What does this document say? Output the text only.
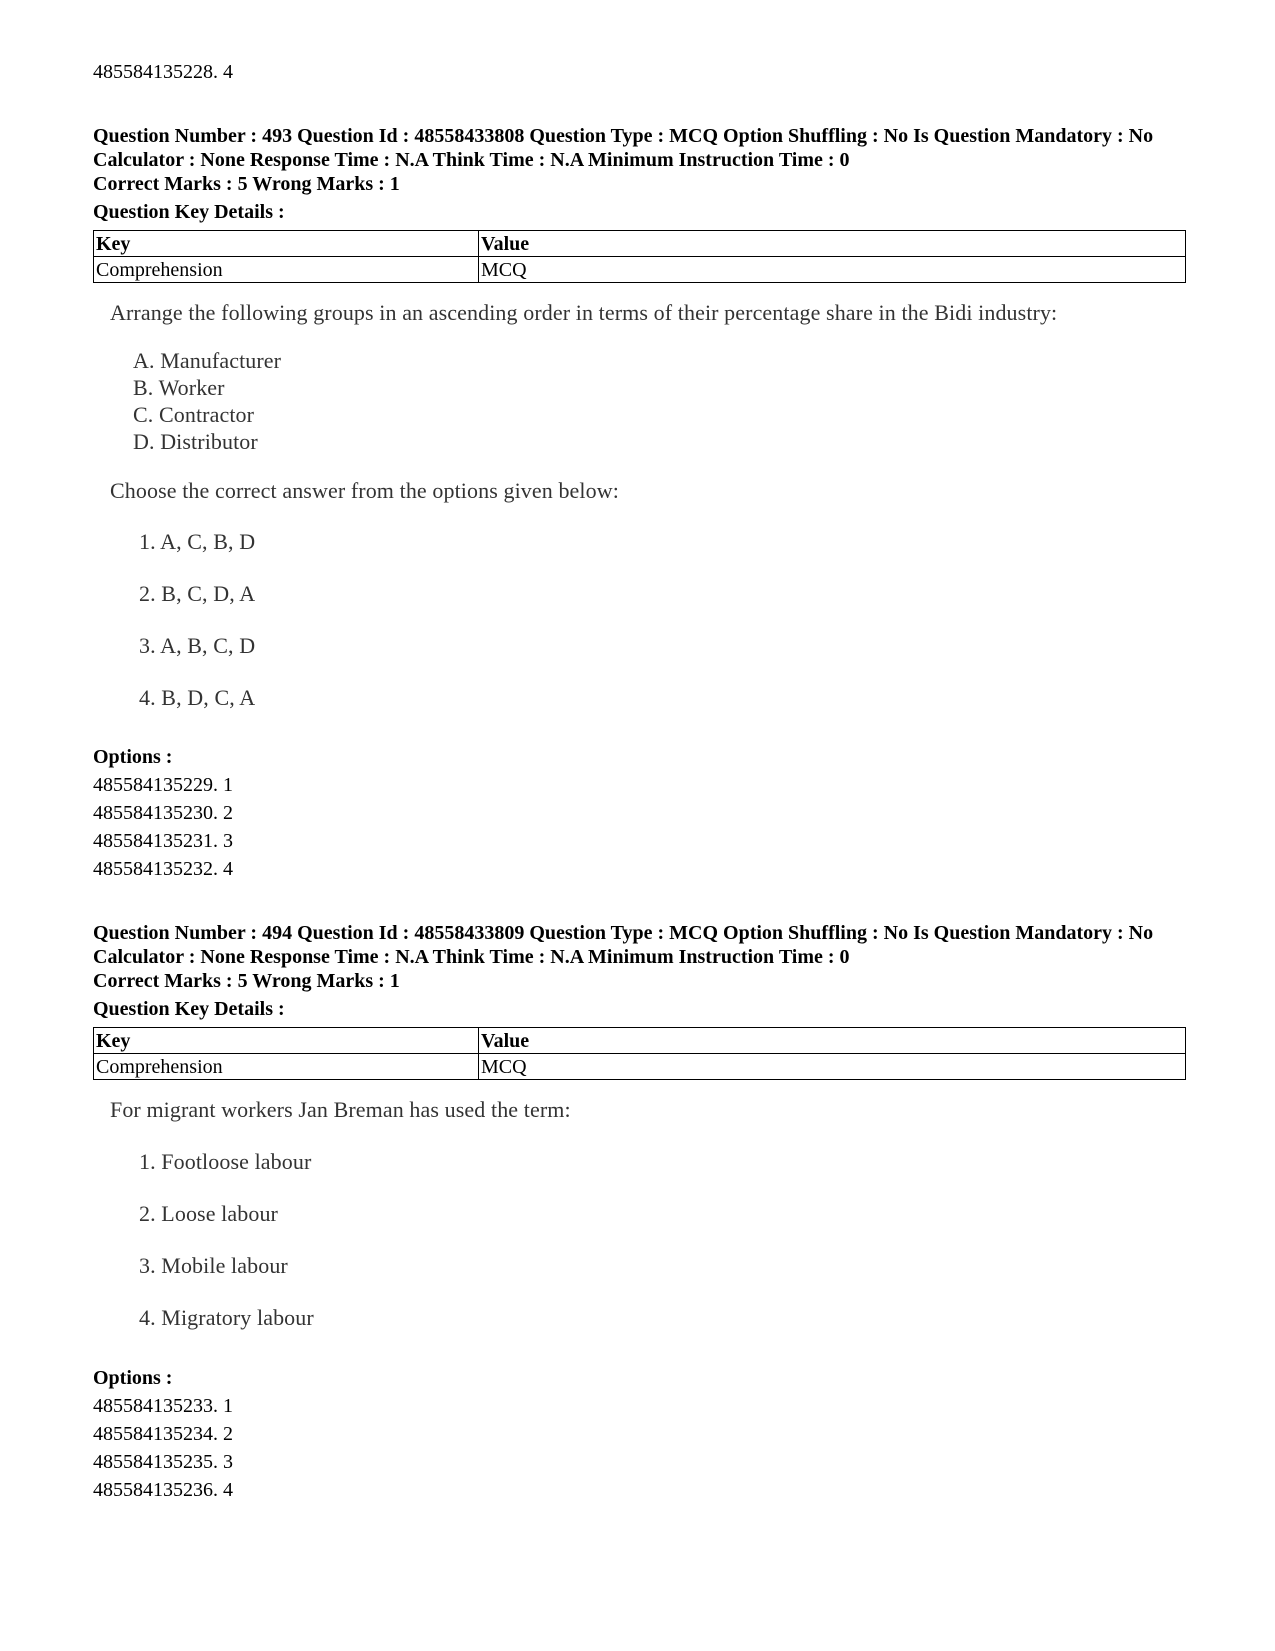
485584135228. 4
Question Number : 493 Question Id : 48558433808 Question Type : MCQ Option Shuffling : No Is Question Mandatory : No Calculator : None Response Time : N.A Think Time : N.A Minimum Instruction Time : 0
Correct Marks : 5 Wrong Marks : 1
Question Key Details :
Key	Value
Comprehension	MCQ
Arrange the following groups in an ascending order in terms of their percentage share in the Bidi industry:
A. Manufacturer
B. Worker
C. Contractor
D. Distributor
Choose the correct answer from the options given below:
1. A, C, B, D
2. B, C, D, A
3. A, B, C, D
4. B, D, C, A
Options :
485584135229. 1
485584135230. 2
485584135231. 3
485584135232. 4
Question Number : 494 Question Id : 48558433809 Question Type : MCQ Option Shuffling : No Is Question Mandatory : No Calculator : None Response Time : N.A Think Time : N.A Minimum Instruction Time : 0
Correct Marks : 5 Wrong Marks : 1
Question Key Details :
Key	Value
Comprehension	MCQ
For migrant workers Jan Breman has used the term:
1. Footloose labour
2. Loose labour
3. Mobile labour
4. Migratory labour
Options :
485584135233. 1
485584135234. 2
485584135235. 3
485584135236. 4
